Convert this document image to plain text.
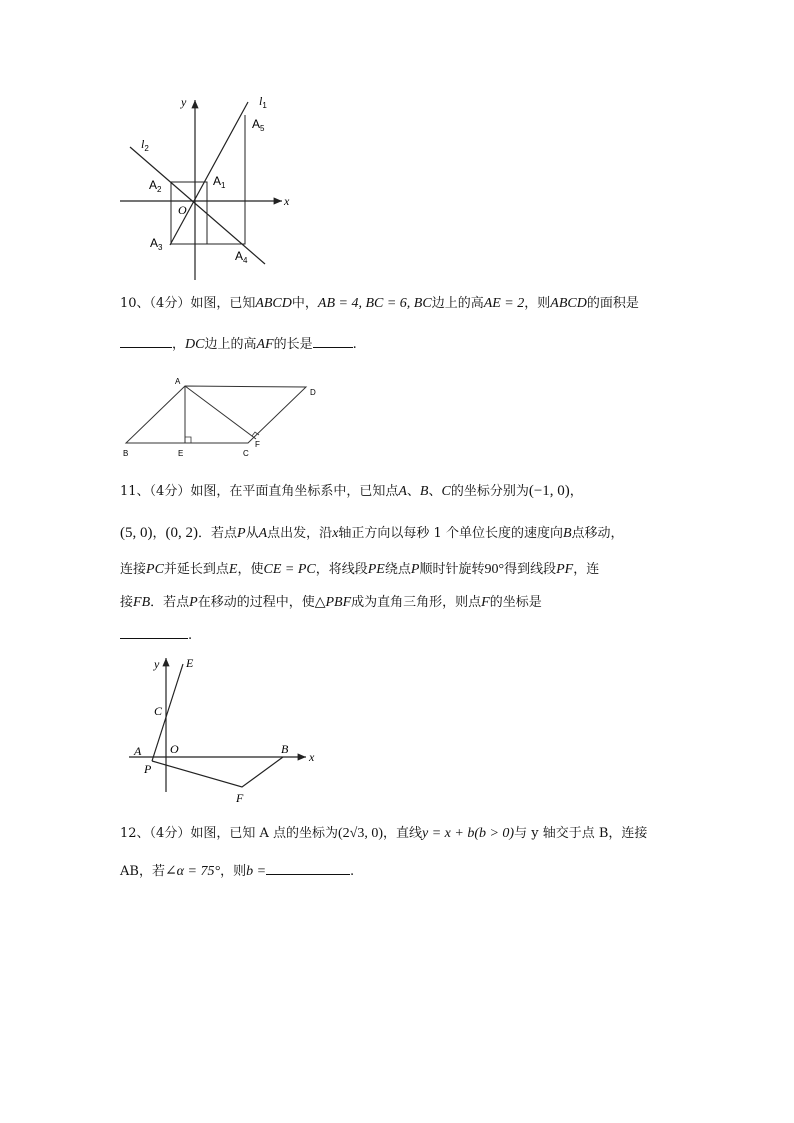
y
x
$l_1$
$l_2$
$A_5$
$A_1$
$A_2$
O
$A_3$
$A_4$
10、（4分）如图，已知ABCD中，AB = 4, BC = 6, BC边上的高AE = 2，则ABCD的面积是
，DC边上的高AF的长是	.
A
D
B	E	C
F
11、（4分）如图，在平面直角坐标系中，已知点A、B、C的坐标分别为(−1, 0)，
(5, 0)，(0, 2)．若点P从A点出发，沿x轴正方向以每秒 1 个单位长度的速度向B点移动，
连接PC并延长到点E，使CE = PC，将线段PE绕点P顺时针旋转90°得到线段PF，连
接FB．若点P在移动的过程中，使△PBF成为直角三角形，则点F的坐标是
.
y E
C
A O	B
x
P
F
12、（4分）如图，已知 A 点的坐标为(2√3, 0)，直线y = x + b(b > 0)与 y 轴交于点 B，连接
AB，若∠α = 75°，则b =	.
